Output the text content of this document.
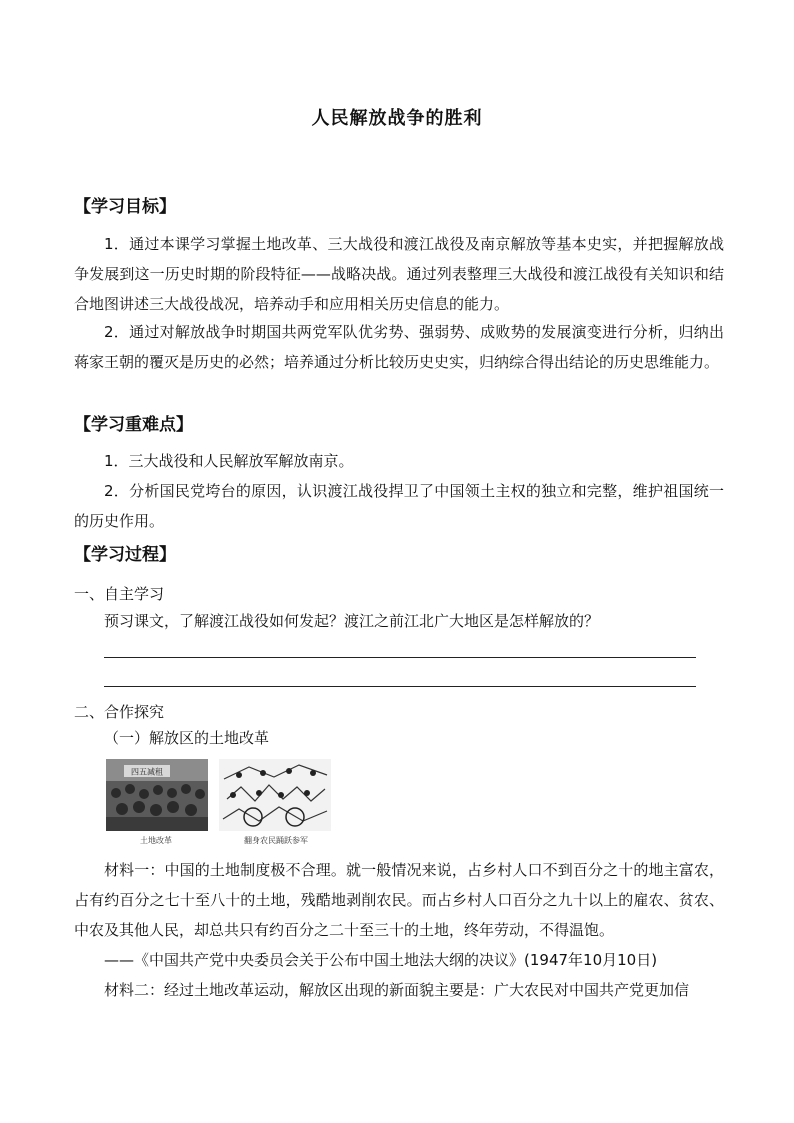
人民解放战争的胜利
【学习目标】
1．通过本课学习掌握土地改革、三大战役和渡江战役及南京解放等基本史实，并把握解放战争发展到这一历史时期的阶段特征——战略决战。通过列表整理三大战役和渡江战役有关知识和结合地图讲述三大战役战况，培养动手和应用相关历史信息的能力。
2．通过对解放战争时期国共两党军队优劣势、强弱势、成败势的发展演变进行分析，归纳出蒋家王朝的覆灭是历史的必然；培养通过分析比较历史史实，归纳综合得出结论的历史思维能力。
【学习重难点】
1．三大战役和人民解放军解放南京。
2．分析国民党垮台的原因，认识渡江战役捍卫了中国领土主权的独立和完整，维护祖国统一的历史作用。
【学习过程】
一、自主学习
预习课文，了解渡江战役如何发起？渡江之前江北广大地区是怎样解放的？
二、合作探究
（一）解放区的土地改革
四五减租
土地改革	翻身农民踊跃参军
材料一：中国的土地制度极不合理。就一般情况来说，占乡村人口不到百分之十的地主富农，占有约百分之七十至八十的土地，残酷地剥削农民。而占乡村人口百分之九十以上的雇农、贫农、中农及其他人民，却总共只有约百分之二十至三十的土地，终年劳动，不得温饱。
——《中国共产党中央委员会关于公布中国土地法大纲的决议》(1947年10月10日)
材料二：经过土地改革运动，解放区出现的新面貌主要是：广大农民对中国共产党更加信
